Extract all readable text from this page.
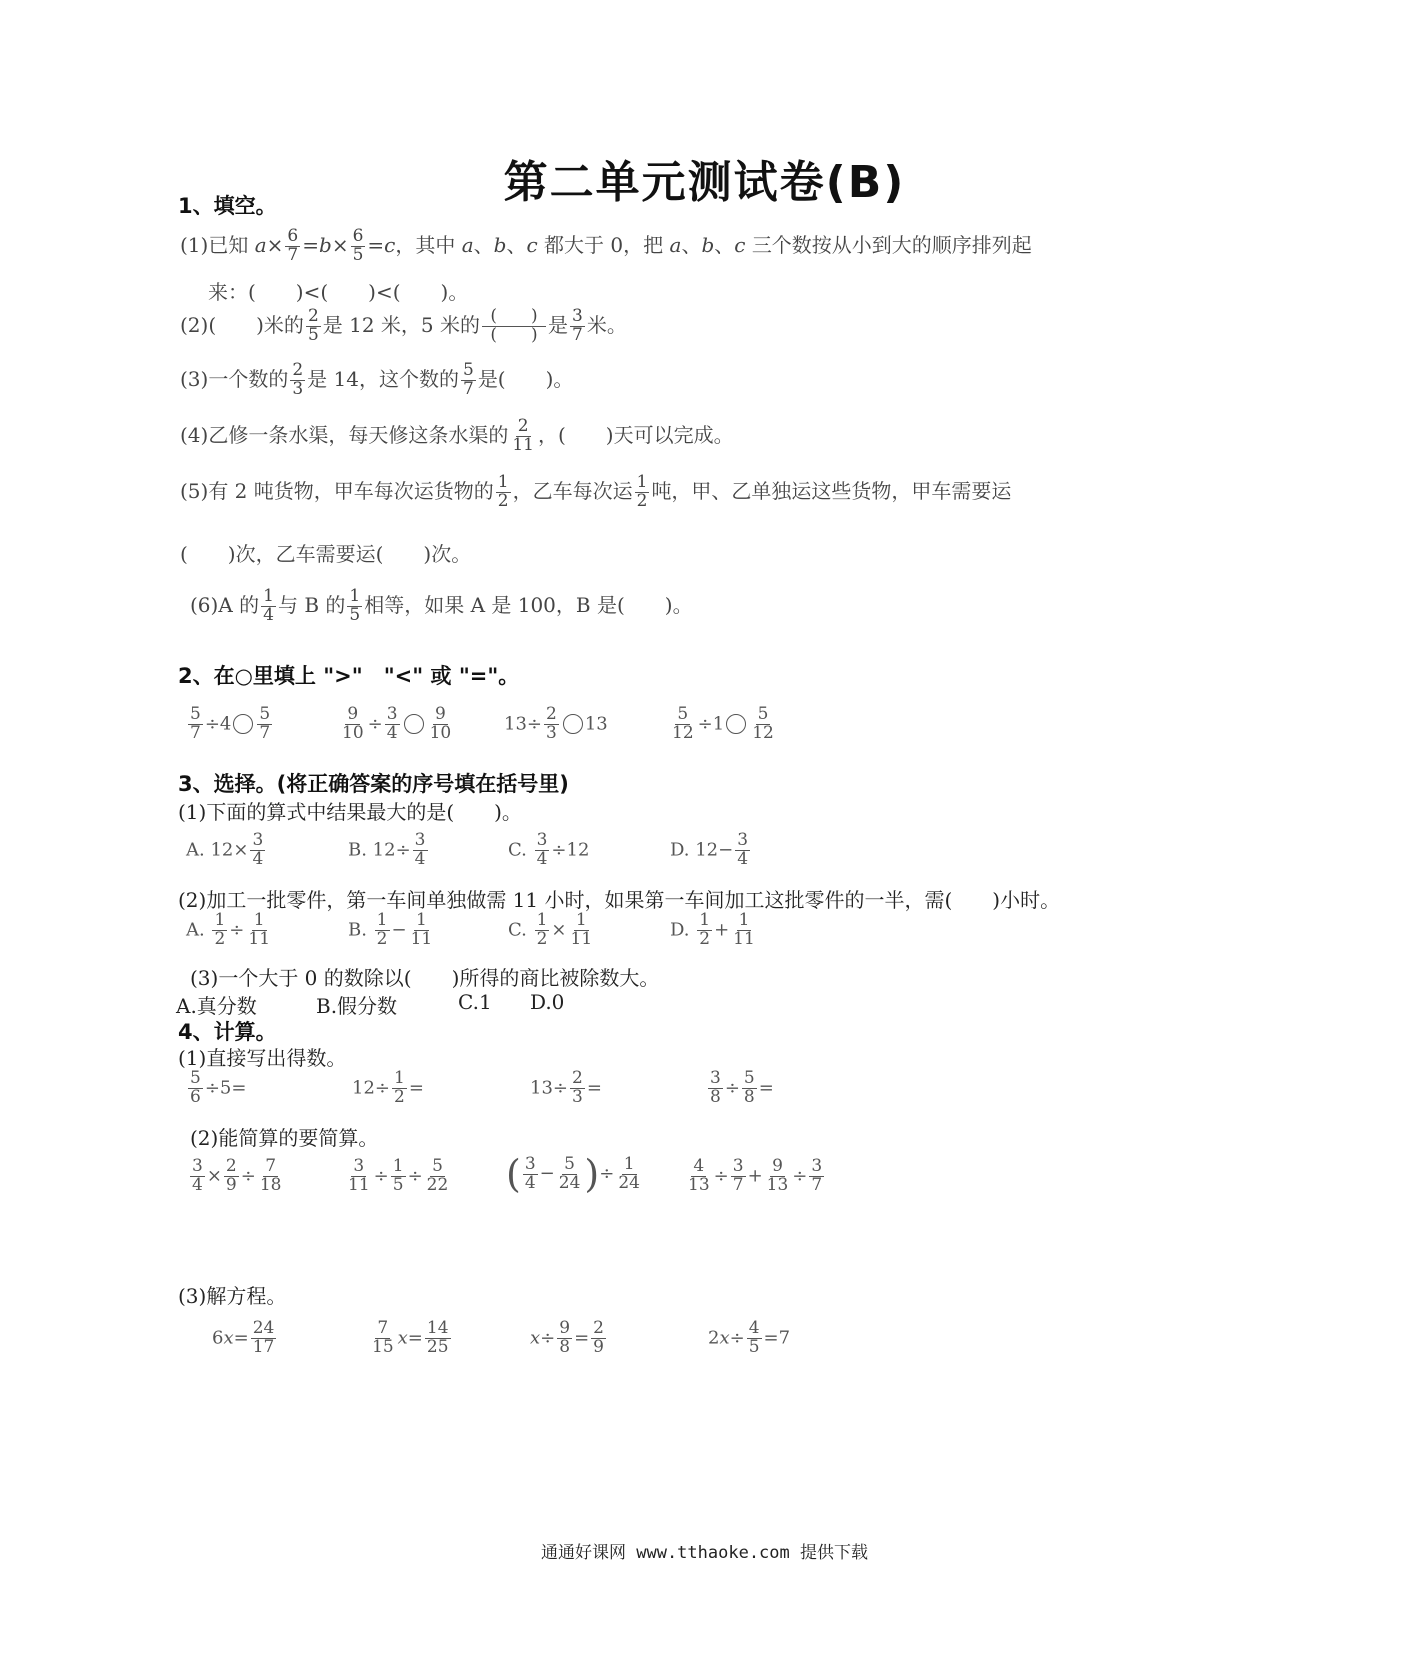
第二单元测试卷(B)
1、填空。
(1)已知 $a\times \frac{6}{7} =b\times \frac{6}{5} =c$，其中 a、b、c 都大于 0，把 a、b、c 三个数按从小到大的顺序排列起
来：(　　)<(　　)<(　　)。
(2)(　　)米的 $\frac{2}{5}$ 是 12 米，5 米的 $\frac{( )}{( )}$ 是 $\frac{3}{7}$ 米。
(3)一个数的 $\frac{2}{3}$ 是 14，这个数的 $\frac{5}{7}$ 是(　　)。
(4)乙修一条水渠，每天修这条水渠的 $\frac{2}{11}$ ，(　　)天可以完成。
(5)有 2 吨货物，甲车每次运货物的 $\frac{1}{2}$ ，乙车每次运 $\frac{1}{2}$ 吨，甲、乙单独运这些货物，甲车需要运
(　　)次，乙车需要运(　　)次。
(6)A 的 $\frac{1}{4}$ 与 B 的 $\frac{1}{5}$ 相等，如果 A 是 100，B 是(　　)。
2、在○里填上 ">"　"<" 或 "="。
$\frac{5}{7} \div 4 \frac{5}{7}$	$\frac{9}{10} \div \frac{3}{4} \frac{9}{10}$	$13\div \frac{2}{3} 13$	$\frac{5}{12} \div 1 \frac{5}{12}$
3、选择。(将正确答案的序号填在括号里)
(1)下面的算式中结果最大的是(　　)。
A. $12\times \frac{3}{4}$	B. $12\div \frac{3}{4}$	C. $\frac{3}{4} \div 12$	D. $12- \frac{3}{4}$
(2)加工一批零件，第一车间单独做需 11 小时，如果第一车间加工这批零件的一半，需(　　)小时。
A. $\frac{1}{2} \div \frac{1}{11}$	B. $\frac{1}{2} - \frac{1}{11}$	C. $\frac{1}{2} \times \frac{1}{11}$	D. $\frac{1}{2} + \frac{1}{11}$
(3)一个大于 0 的数除以(　　)所得的商比被除数大。
A.真分数	B.假分数	C.1 D.0
4、计算。
(1)直接写出得数。
$\frac{5}{6} \div 5=$	$12\div \frac{1}{2}$ =	$13\div \frac{2}{3}$ =	$\frac{3}{8} \div \frac{5}{8}$ =
(2)能简算的要简算。
$\frac{3}{4} \times \frac{2}{9} \div \frac{7}{18}$	$\frac{3}{11} \div \frac{1}{5} \div \frac{5}{22}$ ( $\frac{3}{4} - \frac{5}{24}$ )÷ $\frac{1}{24}$	$\frac{4}{13} \div \frac{3}{7} + \frac{9}{13} \div \frac{3}{7}$
(3)解方程。
$6x= \frac{24}{17}$	$\frac{7}{15} x= \frac{14}{25}$	$x\div \frac{9}{8} = \frac{2}{9}$	$2x\div \frac{4}{5} =7$
通通好课网 www.tthaoke.com 提供下载
